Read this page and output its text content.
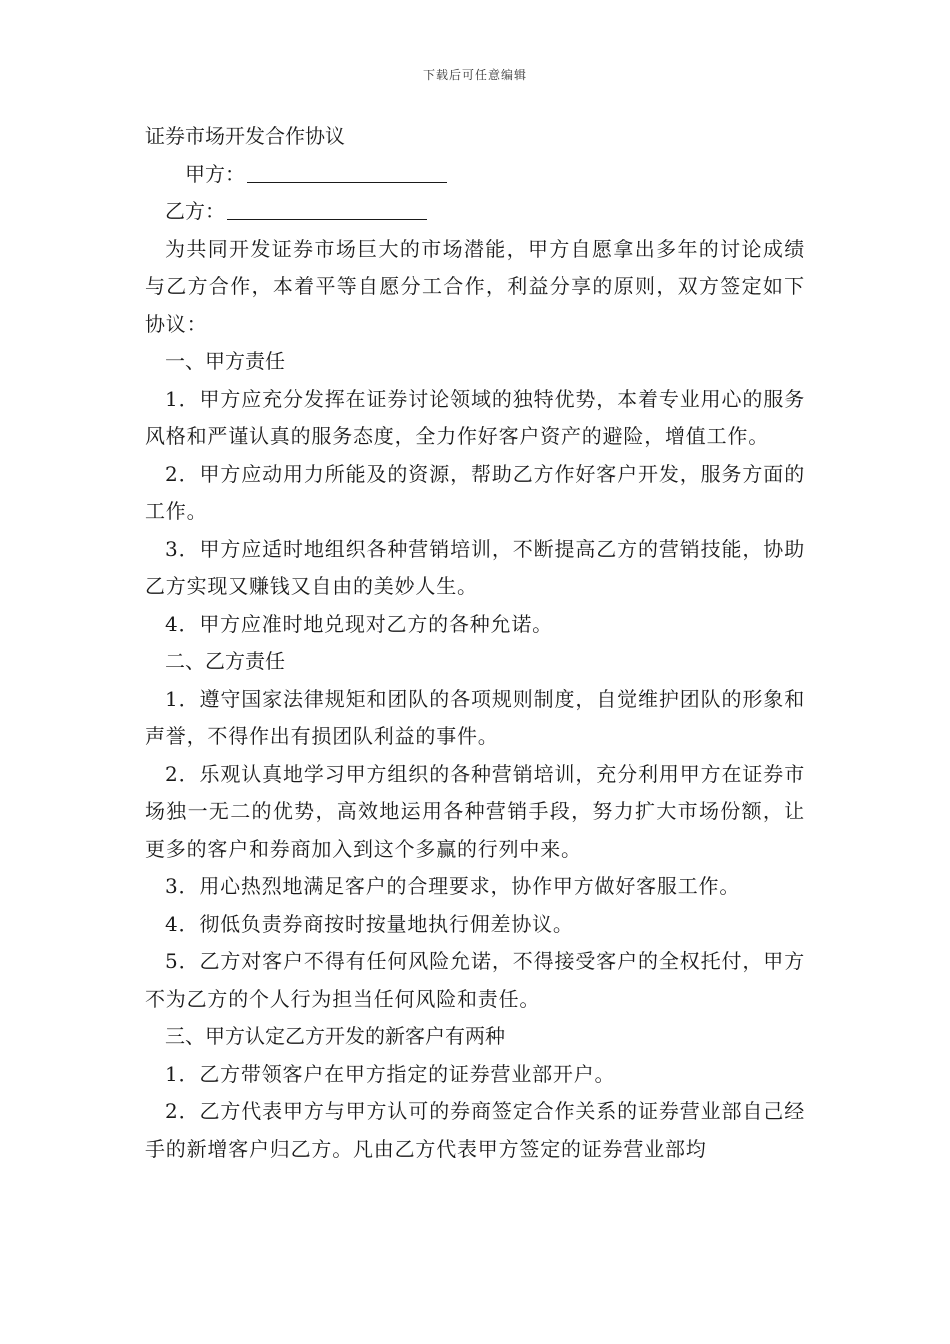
下载后可任意编辑
证券市场开发合作协议
甲方：
乙方：
为共同开发证券市场巨大的市场潜能，甲方自愿拿出多年的讨论成绩与乙方合作，本着平等自愿分工合作，利益分享的原则，双方签定如下协议：
一、甲方责任
1．甲方应充分发挥在证券讨论领域的独特优势，本着专业用心的服务风格和严谨认真的服务态度，全力作好客户资产的避险，增值工作。
2．甲方应动用力所能及的资源，帮助乙方作好客户开发，服务方面的工作。
3．甲方应适时地组织各种营销培训，不断提高乙方的营销技能，协助乙方实现又赚钱又自由的美妙人生。
4．甲方应准时地兑现对乙方的各种允诺。
二、乙方责任
1．遵守国家法律规矩和团队的各项规则制度，自觉维护团队的形象和声誉，不得作出有损团队利益的事件。
2．乐观认真地学习甲方组织的各种营销培训，充分利用甲方在证券市场独一无二的优势，高效地运用各种营销手段，努力扩大市场份额，让更多的客户和券商加入到这个多赢的行列中来。
3．用心热烈地满足客户的合理要求，协作甲方做好客服工作。
4．彻低负责券商按时按量地执行佣差协议。
5．乙方对客户不得有任何风险允诺，不得接受客户的全权托付，甲方不为乙方的个人行为担当任何风险和责任。
三、甲方认定乙方开发的新客户有两种
1．乙方带领客户在甲方指定的证券营业部开户。
2．乙方代表甲方与甲方认可的券商签定合作关系的证券营业部自己经手的新增客户归乙方。凡由乙方代表甲方签定的证券营业部均
